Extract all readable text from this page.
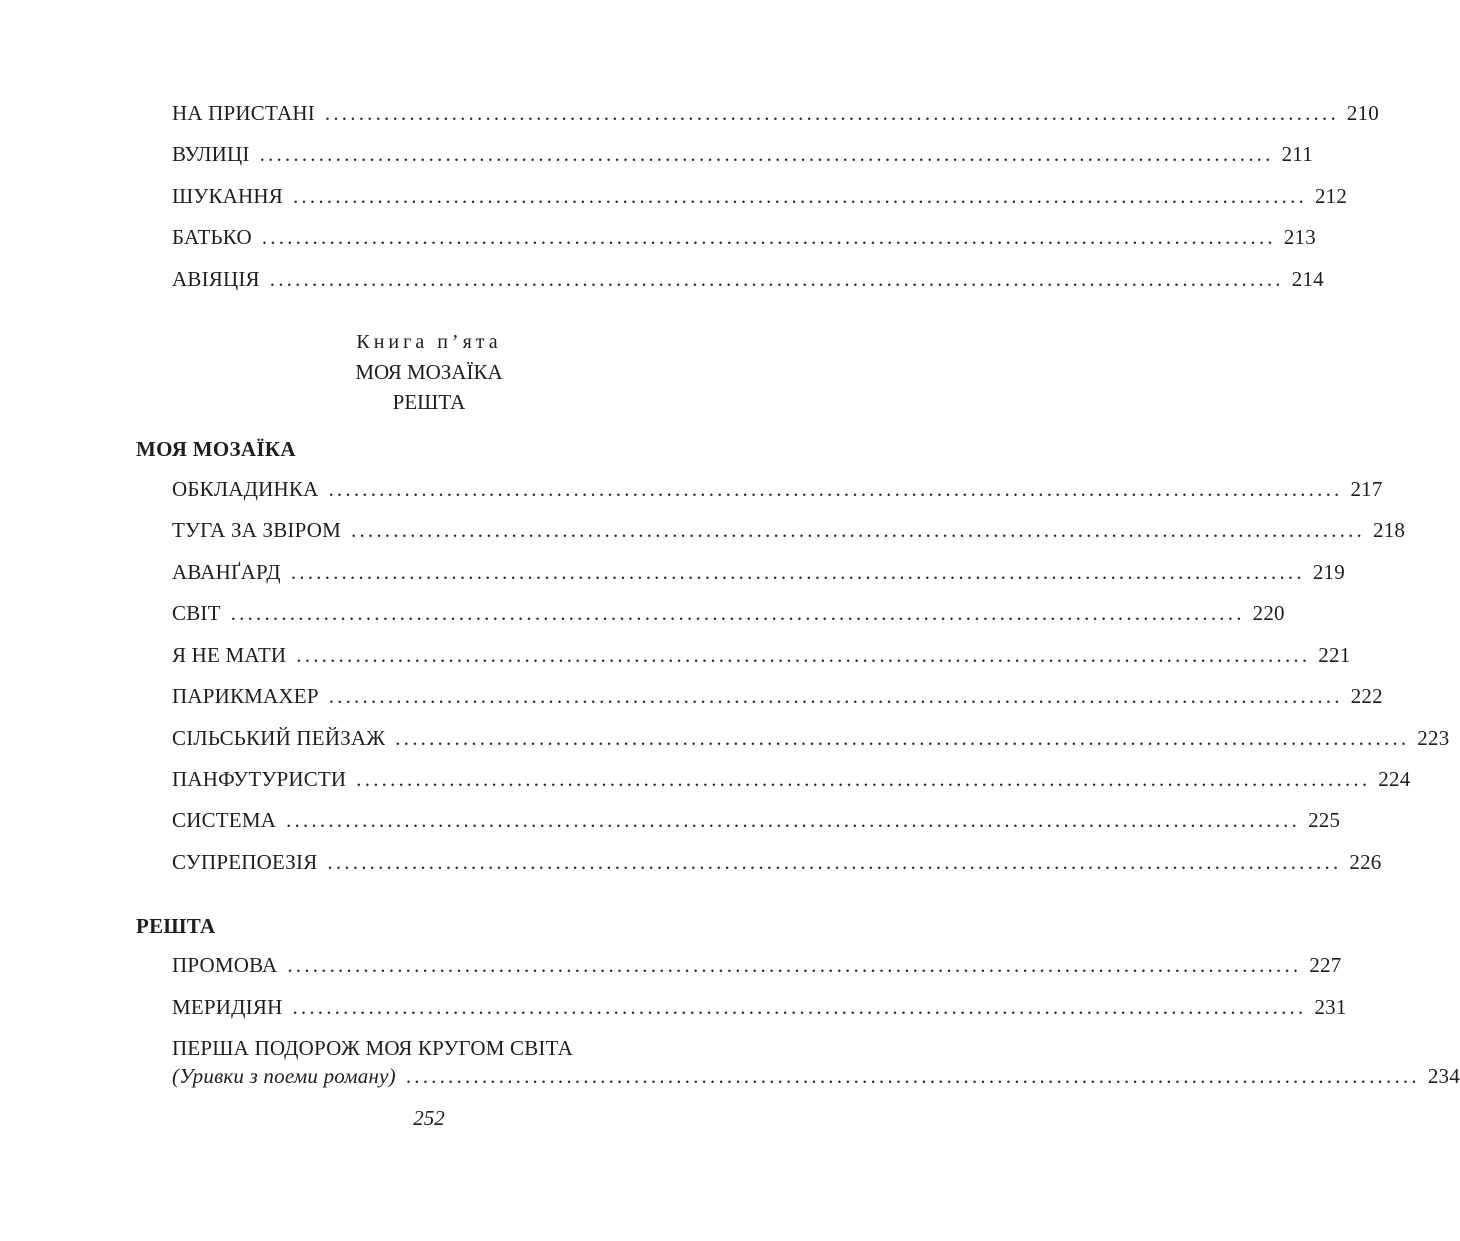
НА ПРИСТАНІ ........................................................................................................................ 210
ВУЛИЦІ ........................................................................................................................ 211
ШУКАННЯ ........................................................................................................................ 212
БАТЬКО ........................................................................................................................ 213
АВІЯЦІЯ ........................................................................................................................ 214
Книга п’ята
МОЯ МОЗАЇКА
РЕШТА
МОЯ МОЗАЇКА
ОБКЛАДИНКА ........................................................................................................................ 217
ТУГА ЗА ЗВІРОМ ........................................................................................................................ 218
АВАНҐАРД ........................................................................................................................ 219
СВІТ ........................................................................................................................ 220
Я НЕ МАТИ ........................................................................................................................ 221
ПАРИКМАХЕР ........................................................................................................................ 222
СІЛЬСЬКИЙ ПЕЙЗАЖ ........................................................................................................................ 223
ПАНФУТУРИСТИ ........................................................................................................................ 224
СИСТЕМА ........................................................................................................................ 225
СУПРЕПОЕЗІЯ ........................................................................................................................ 226
РЕШТА
ПРОМОВА ........................................................................................................................ 227
МЕРИДІЯН ........................................................................................................................ 231
ПЕРША ПОДОРОЖ МОЯ КРУГОМ СВІТА
(Уривки з поеми роману) ........................................................................................................................ 234
252
